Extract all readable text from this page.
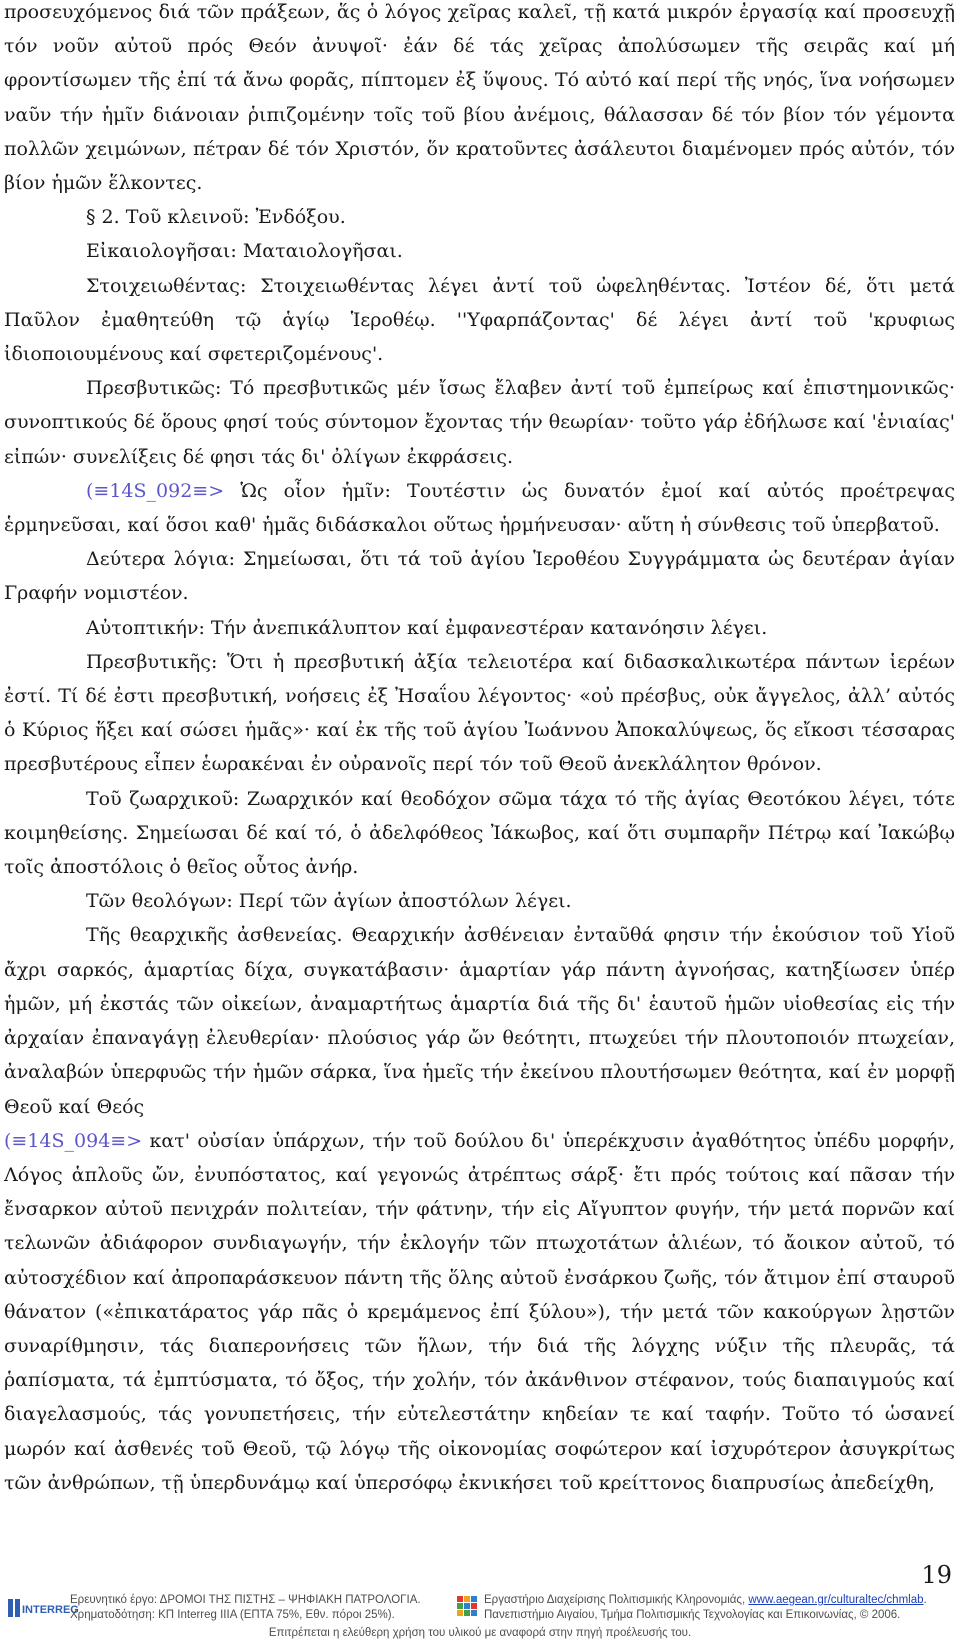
προσευχόμενος διά τῶν πράξεων, ἅς ὁ λόγος χεῖρας καλεῖ, τῇ κατά μικρόν ἐργασίᾳ καί προσευχῇ τόν νοῦν αὐτοῦ πρός Θεόν ἀνυψοῖ· ἐάν δέ τάς χεῖρας ἀπολύσωμεν τῆς σειρᾶς καί μή φροντίσωμεν τῆς ἐπί τά ἄνω φορᾶς, πίπτομεν ἐξ ὕψους. Τό αὐτό καί περί τῆς νηός, ἵνα νοήσωμεν ναῦν τήν ἡμῖν διάνοιαν ῥιπιζομένην τοῖς τοῦ βίου ἀνέμοις, θάλασσαν δέ τόν βίον τόν γέμοντα πολλῶν χειμώνων, πέτραν δέ τόν Χριστόν, ὅν κρατοῦντες ἀσάλευτοι διαμένομεν πρός αὐτόν, τόν βίον ἡμῶν ἕλκοντες.

§ 2. Τοῦ κλεινοῦ: Ἐνδόξου.

Εἰκαιολογῆσαι: Ματαιολογῆσαι.

Στοιχειωθέντας: Στοιχειωθέντας λέγει ἀντί τοῦ ὠφεληθέντας. Ἰστέον δέ, ὅτι μετά Παῦλον ἐμαθητεύθη τῷ ἁγίῳ Ἱεροθέῳ. ''Υφαρπάζοντας' δέ λέγει ἀντί τοῦ 'κρυφιως ἰδιοποιουμένους καί σφετεριζομένους'.

Πρεσβυτικῶς: Τό πρεσβυτικῶς μέν ἴσως ἔλαβεν ἀντί τοῦ ἐμπείρως καί ἐπιστημονικῶς· συνοπτικούς δέ ὅρους φησί τούς σύντομον ἔχοντας τήν θεωρίαν· τοῦτο γάρ ἐδήλωσε καί 'ἑνιαίας' εἰπών· συνελίξεις δέ φησι τάς δι' ὀλίγων ἐκφράσεις.

(≡14S_092≡> Ὡς οἷον ἡμῖν: Τουτέστιν ὡς δυνατόν ἐμοί καί αὐτός προέτρεψας ἑρμηνεῦσαι, καί ὅσοι καθ' ἡμᾶς διδάσκαλοι οὕτως ἡρμήνευσαν· αὕτη ἡ σύνθεσις τοῦ ὑπερβατοῦ.

Δεύτερα λόγια: Σημείωσαι, ὅτι τά τοῦ ἁγίου Ἱεροθέου Συγγράμματα ὡς δευτέραν ἁγίαν Γραφήν νομιστέον.

Αὐτοπτικήν: Τήν ἀνεπικάλυπτον καί ἐμφανεστέραν κατανόησιν λέγει.

Πρεσβυτικῆς: Ὅτι ἡ πρεσβυτική ἀξία τελειοτέρα καί διδασκαλικωτέρα πάντων ἱερέων ἐστί. Τί δέ ἐστι πρεσβυτική, νοήσεις ἐξ Ἠσαΐου λέγοντος· «οὐ πρέσβυς, οὐκ ἄγγελος, ἀλλ’ αὐτός ὁ Κύριος ἥξει καί σώσει ἡμᾶς»· καί ἐκ τῆς τοῦ ἁγίου Ἰωάννου Ἀποκαλύψεως, ὅς εἴκοσι τέσσαρας πρεσβυτέρους εἶπεν ἑωρακέναι ἐν οὐρανοῖς περί τόν τοῦ Θεοῦ ἀνεκλάλητον θρόνον.

Τοῦ ζωαρχικοῦ: Ζωαρχικόν καί θεοδόχον σῶμα τάχα τό τῆς ἁγίας Θεοτόκου λέγει, τότε κοιμηθείσης. Σημείωσαι δέ καί τό, ὁ ἀδελφόθεος Ἰάκωβος, καί ὅτι συμπαρῆν Πέτρῳ καί Ἰακώβῳ τοῖς ἀποστόλοις ὁ θεῖος οὗτος ἀνήρ.

Τῶν θεολόγων: Περί τῶν ἁγίων ἀποστόλων λέγει.

Τῆς θεαρχικῆς ἀσθενείας. Θεαρχικήν ἀσθένειαν ἐνταῦθά φησιν τήν ἑκούσιον τοῦ Υἱοῦ ἄχρι σαρκός, ἁμαρτίας δίχα, συγκατάβασιν· ἁμαρτίαν γάρ πάντη ἀγνοήσας, κατηξίωσεν ὑπέρ ἡμῶν, μή ἐκστάς τῶν οἰκείων, ἀναμαρτήτως ἁμαρτία διά τῆς δι' ἑαυτοῦ ἡμῶν υἱοθεσίας εἰς τήν ἀρχαίαν ἐπαναγάγῃ ἐλευθερίαν· πλούσιος γάρ ὤν θεότητι, πτωχεύει τήν πλουτοποιόν πτωχείαν, ἀναλαβών ὑπερφυῶς τήν ἡμῶν σάρκα, ἵνα ἡμεῖς τήν ἐκείνου πλουτήσωμεν θεότητα, καί ἐν μορφῇ Θεοῦ καί Θεός

(≡14S_094≡> κατ' οὐσίαν ὑπάρχων, τήν τοῦ δούλου δι' ὑπερέκχυσιν ἀγαθότητος ὑπέδυ μορφήν, Λόγος ἁπλοῦς ὤν, ἐνυπόστατος, καί γεγονώς ἀτρέπτως σάρξ· ἔτι πρός τούτοις καί πᾶσαν τήν ἔνσαρκον αὐτοῦ πενιχράν πολιτείαν, τήν φάτνην, τήν εἰς Αἴγυπτον φυγήν, τήν μετά πορνῶν καί τελωνῶν ἀδιάφορον συνδιαγωγήν, τήν ἐκλογήν τῶν πτωχοτάτων ἁλιέων, τό ἄοικον αὐτοῦ, τό αὐτοσχέδιον καί ἀπροπαράσκευον πάντη τῆς ὅλης αὐτοῦ ἐνσάρκου ζωῆς, τόν ἄτιμον ἐπί σταυροῦ θάνατον («ἐπικατάρατος γάρ πᾶς ὁ κρεμάμενος ἐπί ξύλου»), τήν μετά τῶν κακούργων λῃστῶν συναρίθμησιν, τάς διαπερονήσεις τῶν ἥλων, τήν διά τῆς λόγχης νύξιν τῆς πλευρᾶς, τά ῥαπίσματα, τά ἐμπτύσματα, τό ὄξος, τήν χολήν, τόν ἀκάνθινον στέφανον, τούς διαπαιγμούς καί διαγελασμούς, τάς γονυπετήσεις, τήν εὐτελεστάτην κηδείαν τε καί ταφήν. Τοῦτο τό ὡσανεί μωρόν καί ἀσθενές τοῦ Θεοῦ, τῷ λόγῳ τῆς οἰκονομίας σοφώτερον καί ἰσχυρότερον ἀσυγκρίτως τῶν ἀνθρώπων, τῇ ὑπερδυνάμῳ καί ὑπερσόφῳ ἐκνικήσει τοῦ κρείττονος διαπρυσίως ἀπεδείχθη,

19
INTERREG
Ερευνητικό έργο: ΔΡΟΜΟΙ ΤΗΣ ΠΙΣΤΗΣ – ΨΗΦΙΑΚΗ ΠΑΤΡΟΛΟΓΙΑ.
Χρηματοδότηση: ΚΠ Interreg IIIA (ΕΠΤΑ 75%, Εθν. πόροι 25%).
Εργαστήριο Διαχείρισης Πολιτισμικής Κληρονομιάς, www.aegean.gr/culturaltec/chmlab.
Πανεπιστήμιο Αιγαίου, Τμήμα Πολιτισμικής Τεχνολογίας και Επικοινωνίας, © 2006.
Επιτρέπεται η ελεύθερη χρήση του υλικού με αναφορά στην πηγή προέλευσής του.
